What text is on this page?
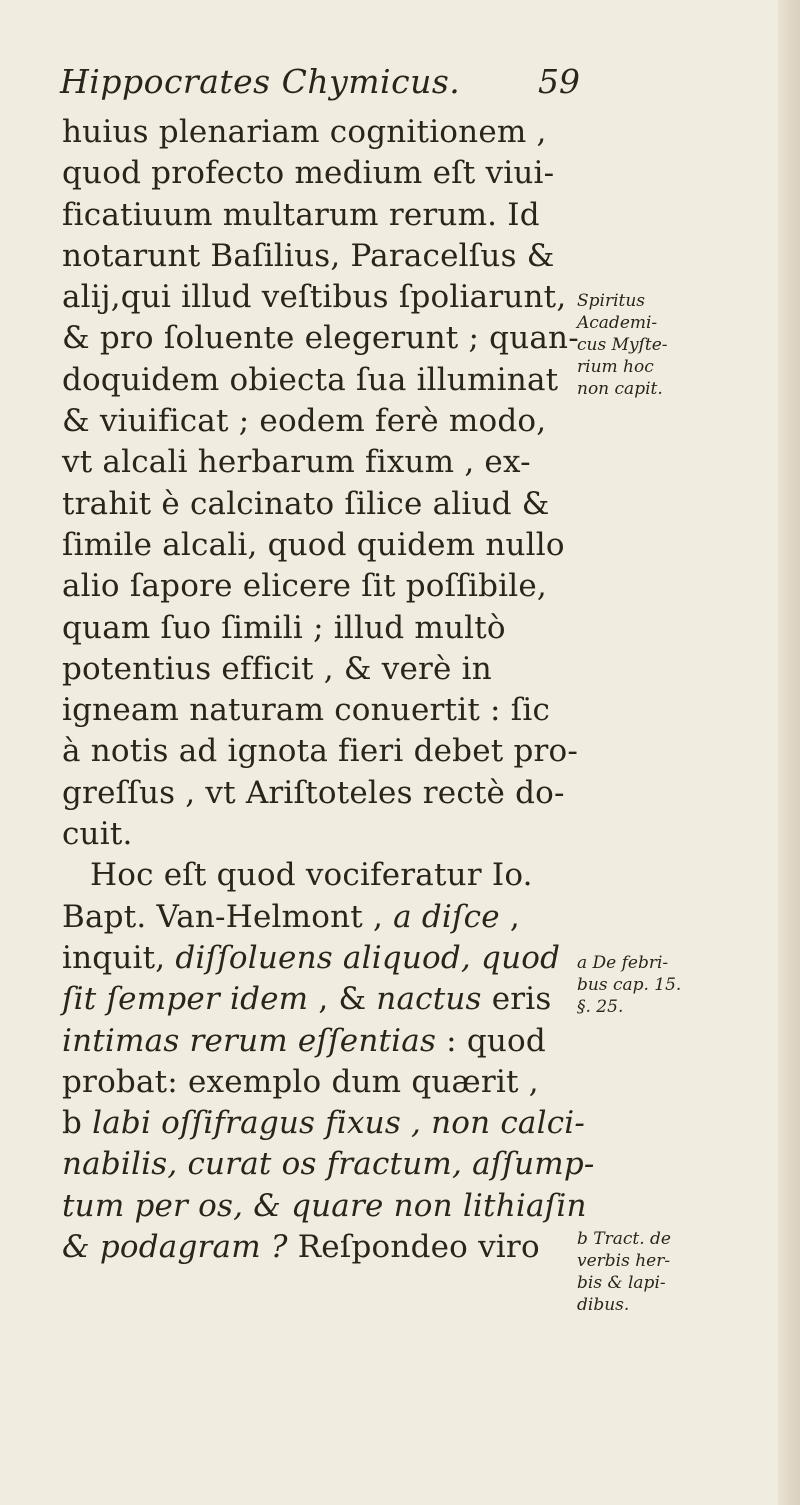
Hippocrates Chymicus. 59
huius plenariam cognitionem ,
quod profecto medium eſt viui-
ficatiuum multarum rerum. Id
notarunt Baſilius, Paracelſus &
alij,qui illud veſtibus ſpoliarunt,
& pro ſoluente elegerunt ; quan-
doquidem obiecta ſua illuminat
& viuificat ; eodem ferè modo,
vt alcali herbarum fixum , ex-
trahit è calcinato ſilice aliud &
ſimile alcali, quod quidem nullo
alio ſapore elicere ſit poſſibile,
quam ſuo ſimili ; illud multò
potentius efficit , & verè in
igneam naturam conuertit : ſic
à notis ad ignota fieri debet pro-
greſſus , vt Ariſtoteles rectè do-
cuit.
Hoc eſt quod vociferatur Io.
Bapt. Van-Helmont , a diſce ,
inquit, diſſoluens aliquod, quod
ſit ſemper idem , & nactus eris
intimas rerum eſſentias : quod
probat: exemplo dum quærit ,
b labi oſſifragus fixus , non calci-
nabilis, curat os fractum, aſſump-
tum per os, & quare non lithiaſin
& podagram ? Reſpondeo viro
Spiritus
Academi-
cus Myſte-
rium hoc
non capit.
a De febri-
bus cap. 15.
§. 25.
b Tract. de
verbis her-
bis & lapi-
dibus.
